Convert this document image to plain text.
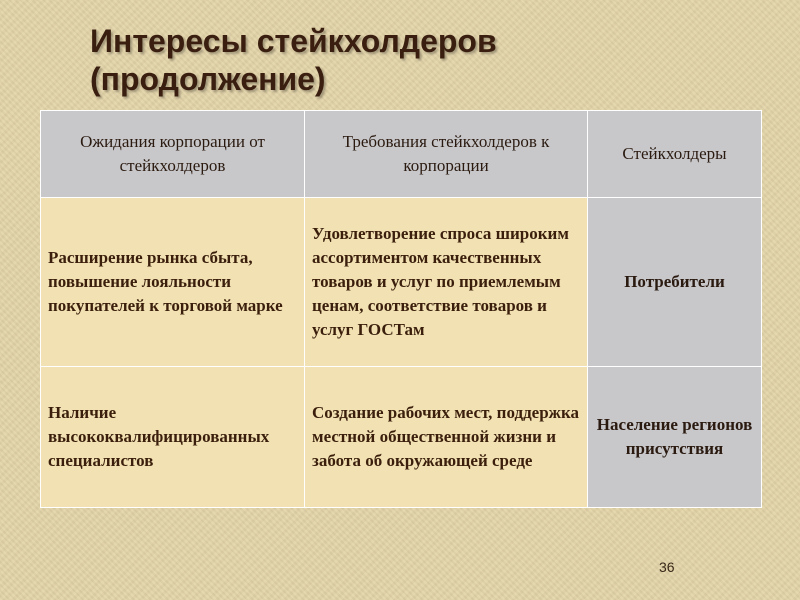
Интересы стейкхолдеров
(продолжение)
Ожидания корпорации от стейкхолдеров	Требования стейкхолдеров к корпорации	Стейкхолдеры
Расширение рынка сбыта, повышение лояльности покупателей к торговой марке	Удовлетворение спроса широким ассортиментом качественных товаров и услуг по приемлемым ценам, соответствие товаров и услуг ГОСТам	Потребители
Наличие высококвалифицированных специалистов	Создание рабочих мест, поддержка местной общественной жизни и забота об окружающей среде	Население регионов присутствия
36
